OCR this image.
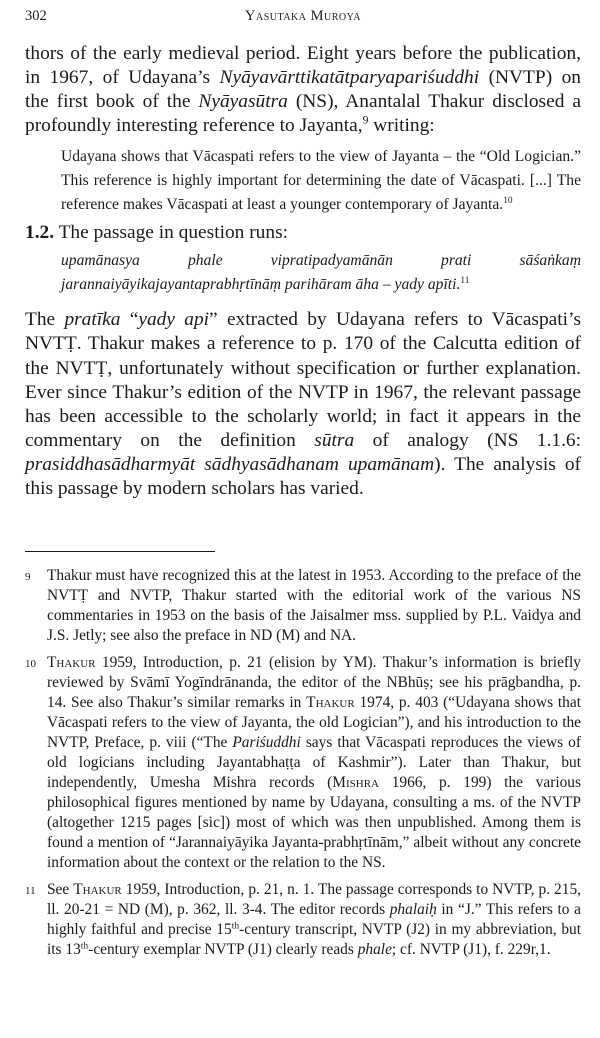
302	Yasutaka Muroya

thors of the early medieval period. Eight years before the publication, in 1967, of Udayana’s Nyāyavārttikatātparyapariśuddhi (NVTP) on the first book of the Nyāyasūtra (NS), Anantalal Thakur disclosed a profoundly interesting reference to Jayanta,$^9$ writing:

Udayana shows that Vācaspati refers to the view of Jayanta – the “Old Logician.” This reference is highly important for determining the date of Vācaspati. [...] The reference makes Vācaspati at least a younger contemporary of Jayanta.$^{10}$

1.2. The passage in question runs:

upamānasya phale vipratipadyamānān prati sāśaṅkaṃ jarannaiyāyikajayantaprabhṛtīnāṃ parihāram āha – yady apīti.$^{11}$

The pratīka “yady api” extracted by Udayana refers to Vācaspati’s NVTṬ. Thakur makes a reference to p. 170 of the Calcutta edition of the NVTṬ, unfortunately without specification or further explanation. Ever since Thakur’s edition of the NVTP in 1967, the relevant passage has been accessible to the scholarly world; in fact it appears in the commentary on the definition sūtra of analogy (NS 1.1.6: prasiddhasādharmyāt sādhyasādhanam upamānam). The analysis of this passage by modern scholars has varied.

9 Thakur must have recognized this at the latest in 1953. According to the preface of the NVTṬ and NVTP, Thakur started with the editorial work of the various NS commentaries in 1953 on the basis of the Jaisalmer mss. supplied by P.L. Vaidya and J.S. Jetly; see also the preface in ND (M) and NA.

10 Thakur 1959, Introduction, p. 21 (elision by YM). Thakur’s information is briefly reviewed by Svāmī Yogīndrānanda, the editor of the NBhūṣ; see his prāgbandha, p. 14. See also Thakur’s similar remarks in Thakur 1974, p. 403 (“Udayana shows that Vācaspati refers to the view of Jayanta, the old Logician”), and his introduction to the NVTP, Preface, p. viii (“The Pariśuddhi says that Vācaspati reproduces the views of old logicians including Jayantabhaṭṭa of Kashmir”). Later than Thakur, but independently, Umesha Mishra records (Mishra 1966, p. 199) the various philosophical figures mentioned by name by Udayana, consulting a ms. of the NVTP (altogether 1215 pages [sic]) most of which was then unpublished. Among them is found a mention of “Jarannaiyāyika Jayanta-prabhṛtīnām,” albeit without any concrete information about the context or the relation to the NS.

11 See Thakur 1959, Introduction, p. 21, n. 1. The passage corresponds to NVTP, p. 215, ll. 20-21 = ND (M), p. 362, ll. 3-4. The editor records phalaiḥ in “J.” This refers to a highly faithful and precise 15th-century transcript, NVTP (J2) in my abbreviation, but its 13th-century exemplar NVTP (J1) clearly reads phale; cf. NVTP (J1), f. 229r,1.
